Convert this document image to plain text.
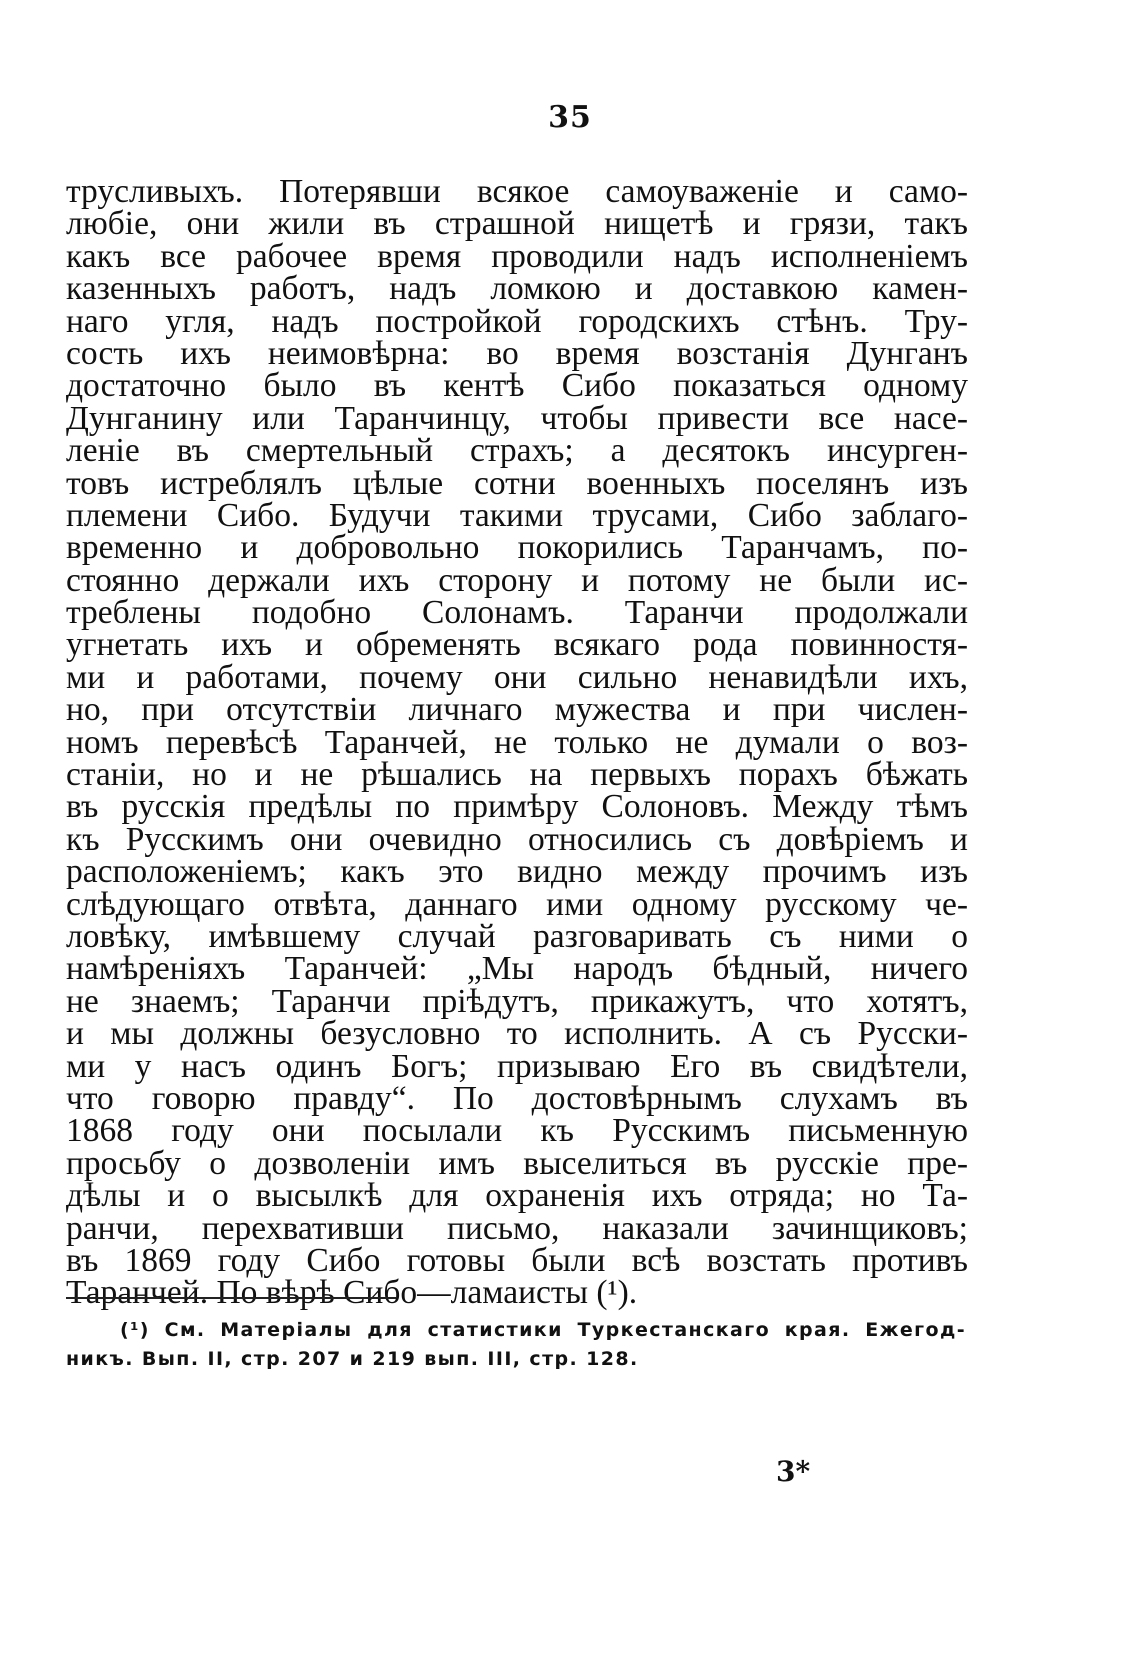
35
трусливыхъ. Потерявши всякое самоуваженіе и само-
любіе, они жили въ страшной нищетѣ и грязи, такъ
какъ все рабочее время проводили надъ исполненіемъ
казенныхъ работъ, надъ ломкою и доставкою камен-
наго угля, надъ постройкой городскихъ стѣнъ. Тру-
сость ихъ неимовѣрна: во время возстанія Дунганъ
достаточно было въ кентѣ Сибо показаться одному
Дунганину или Таранчинцу, чтобы привести все насе-
леніе въ смертельный страхъ; а десятокъ инсурген-
товъ истреблялъ цѣлые сотни военныхъ поселянъ изъ
племени Сибо. Будучи такими трусами, Сибо заблаго-
временно и добровольно покорились Таранчамъ, по-
стоянно держали ихъ сторону и потому не были ис-
треблены подобно Солонамъ. Таранчи продолжали
угнетать ихъ и обременять всякаго рода повинностя-
ми и работами, почему они сильно ненавидѣли ихъ,
но, при отсутствіи личнаго мужества и при числен-
номъ перевѣсѣ Таранчей, не только не думали о воз-
станіи, но и не рѣшались на первыхъ порахъ бѣжать
въ русскія предѣлы по примѣру Солоновъ. Между тѣмъ
къ Русскимъ они очевидно относились съ довѣріемъ и
расположеніемъ; какъ это видно между прочимъ изъ
слѣдующаго отвѣта, даннаго ими одному русскому че-
ловѣку, имѣвшему случай разговаривать съ ними о
намѣреніяхъ Таранчей: „Мы народъ бѣдный, ничего
не знаемъ; Таранчи пріѣдутъ, прикажутъ, что хотятъ,
и мы должны безусловно то исполнить. А съ Русски-
ми у насъ одинъ Богъ; призываю Его въ свидѣтели,
что говорю правду“. По достовѣрнымъ слухамъ въ
1868 году они посылали къ Русскимъ письменную
просьбу о дозволеніи имъ выселиться въ русскіе пре-
дѣлы и о высылкѣ для охраненія ихъ отряда; но Та-
ранчи, перехвативши письмо, наказали зачинщиковъ;
въ 1869 году Сибо готовы были всѣ возстать противъ
Таранчей. По вѣрѣ Сибо—ламаисты (¹).
(¹) См. Матеріалы для статистики Туркестанскаго края. Ежегод-
никъ. Вып. II, стр. 207 и 219 вып. III, стр. 128.
3*
